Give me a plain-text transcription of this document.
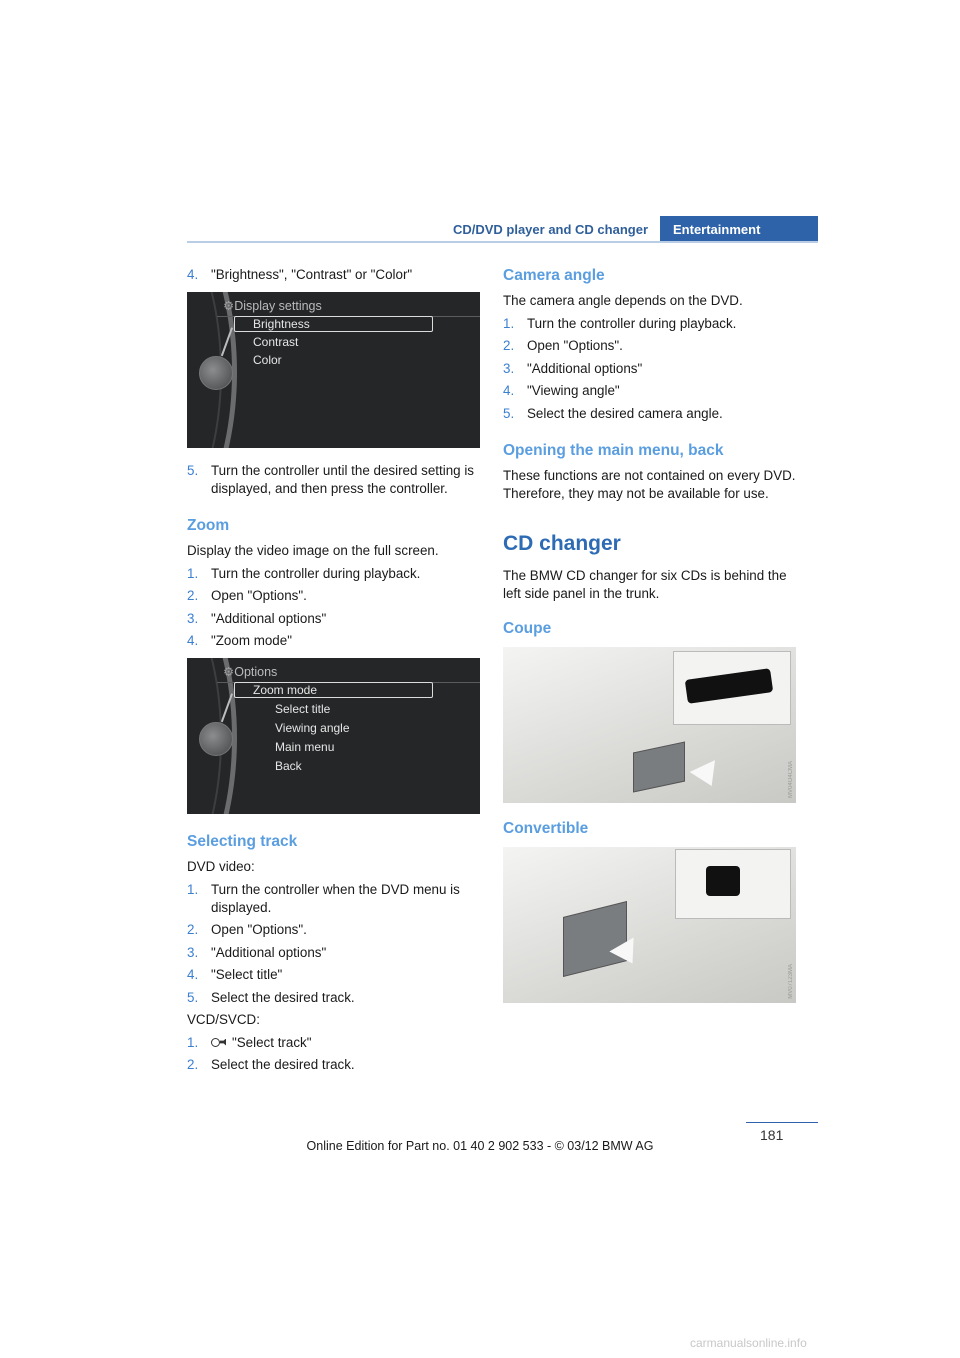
CD/DVD player and CD changer	Entertainment

4. "Brightness", "Contrast" or "Color"

⚙ Display settings
Brightness
Contrast
Color

5. Turn the controller until the desired setting is displayed, and then press the controller.

Zoom

Display the video image on the full screen.

1. Turn the controller during playback.

2. Open "Options".

3. "Additional options"

4. "Zoom mode"

⚙ Options
Zoom mode
Select title
Viewing angle
Main menu
Back
Selecting track

DVD video:

1. Turn the controller when the DVD menu is displayed.

2. Open "Options".

3. "Additional options"

4. "Select title"

5. Select the desired track.

VCD/SVCD:

1.	"Select track"

2. Select the desired track.

Camera angle

The camera angle depends on the DVD.

1. Turn the controller during playback.

2. Open "Options".

3. "Additional options"

4. "Viewing angle"

5. Select the desired camera angle.

Opening the main menu, back

These functions are not contained on every DVD. Therefore, they may not be available for use.

CD changer

The BMW CD changer for six CDs is behind the left side panel in the trunk.

Coupe
MV04O4CMA
Convertible
MV07123MA
181
Online Edition for Part no. 01 40 2 902 533 - © 03/12 BMW AG
carmanualsonline.info
